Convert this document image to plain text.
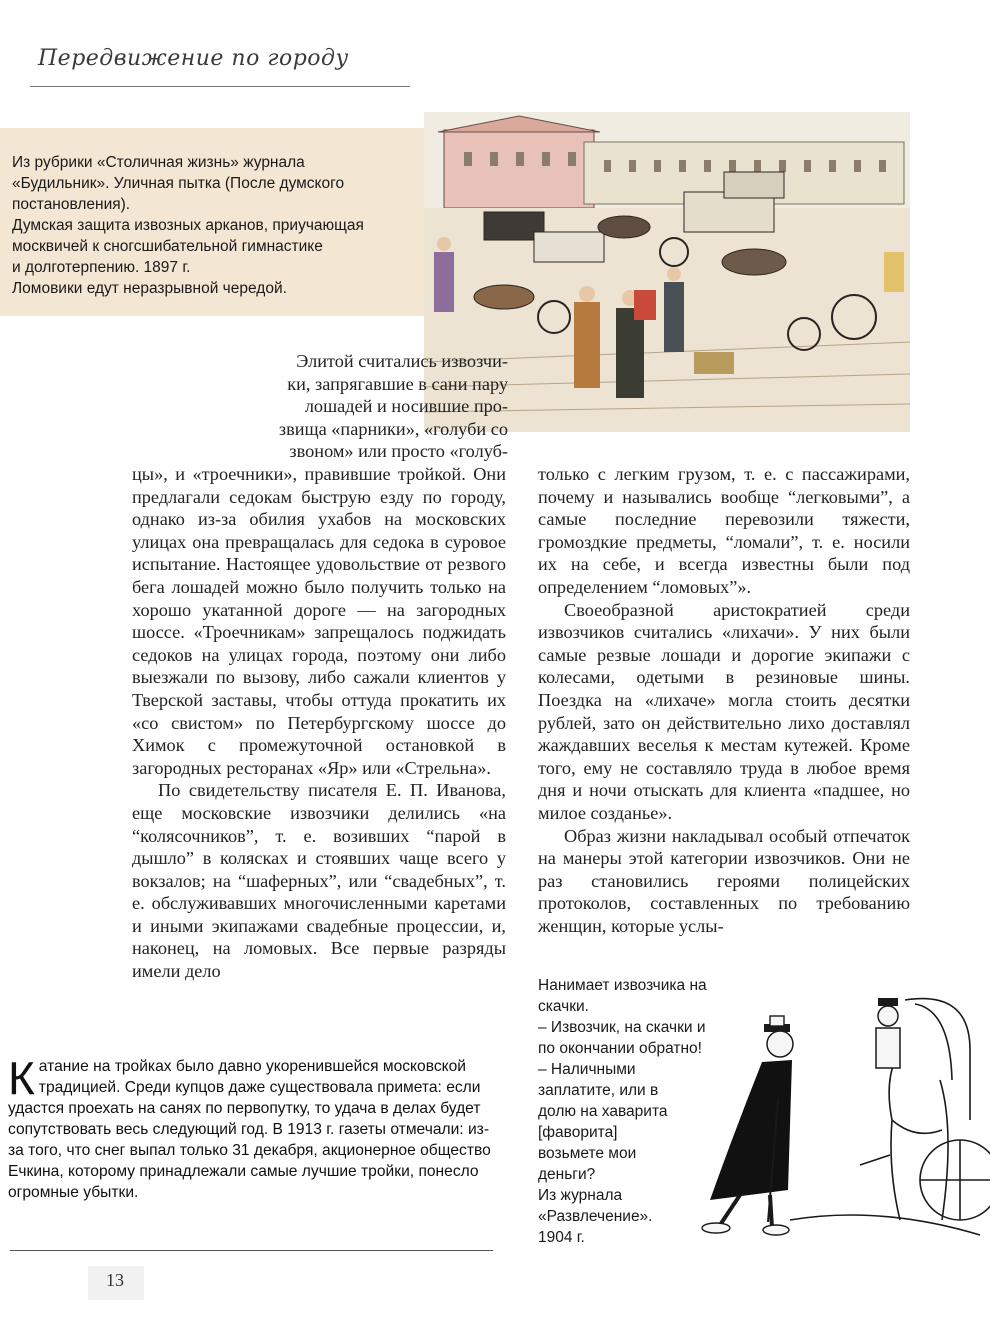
Передвижение по городу
Из рубрики «Столичная жизнь» журнала
«Будильник». Уличная пытка (После думского
постановления).
Думская защита извозных арканов, приучающая
москвичей к сногсшибательной гимнастике
и долготерпению. 1897 г.
Ломовики едут неразрывной чередой.

Элитой считались извозчи-

ки, запрягавшие в сани пару

лошадей и носившие про-

звища «парники», «голуби со

звоном» или просто «голуб-

цы», и «троечники», правившие тройкой. Они предлагали седокам быструю езду по городу, однако из-за обилия ухабов на московских улицах она превращалась для седока в суровое испытание. Настоящее удовольствие от резвого бега лошадей можно было получить только на хорошо укатанной дороге — на загородных шоссе. «Троечникам» запрещалось поджидать седоков на улицах города, поэтому они либо выезжали по вызову, либо сажали клиентов у Тверской заставы, чтобы оттуда прокатить их «со свистом» по Петербургскому шоссе до Химок с промежуточной остановкой в загородных ресторанах «Яр» или «Стрельна».

По свидетельству писателя Е. П. Иванова, еще московские извозчики делились «на “колясочников”, т. е. возивших “парой в дышло” в колясках и стоявших чаще всего у вокзалов; на “шаферных”, или “свадебных”, т. е. обслуживавших многочисленными каретами и иными экипажами свадебные процессии, и, наконец, на ломовых. Все первые разряды имели дело

только с легким грузом, т. е. с пассажирами, почему и назывались вообще “легковыми”, а самые последние перевозили тяжести, громоздкие предметы, “ломали”, т. е. носили их на себе, и всегда известны были под определением “ломовых”».

Своеобразной аристократией среди извозчиков считались «лихачи». У них были самые резвые лошади и дорогие экипажи с колесами, одетыми в резиновые шины. Поездка на «лихаче» могла стоить десятки рублей, зато он действительно лихо доставлял жаждавших веселья к местам кутежей. Кроме того, ему не составляло труда в любое время дня и ночи отыскать для клиента «падшее, но милое созданье».

Образ жизни накладывал особый отпечаток на манеры этой категории извозчиков. Они не раз становились героями полицейских протоколов, составленных по требованию женщин, которые услы-

Нанимает извозчика на
скачки.
– Извозчик, на скачки и
по окончании обратно!
– Наличными
заплатите, или в
долю на хаварита
[фаворита]
возьмете мои
деньги?
Из журнала
«Развлечение».
1904 г.
Катание на тройках было давно укоренившейся московской традицией. Среди купцов даже существовала примета: если удастся проехать на санях по первопутку, то удача в делах будет сопутствовать весь следующий год. В 1913 г. газеты отмечали: из-за того, что снег выпал только 31 декабря, акционерное общество Ечкина, которому принадлежали самые лучшие тройки, понесло огромные убытки.
13
